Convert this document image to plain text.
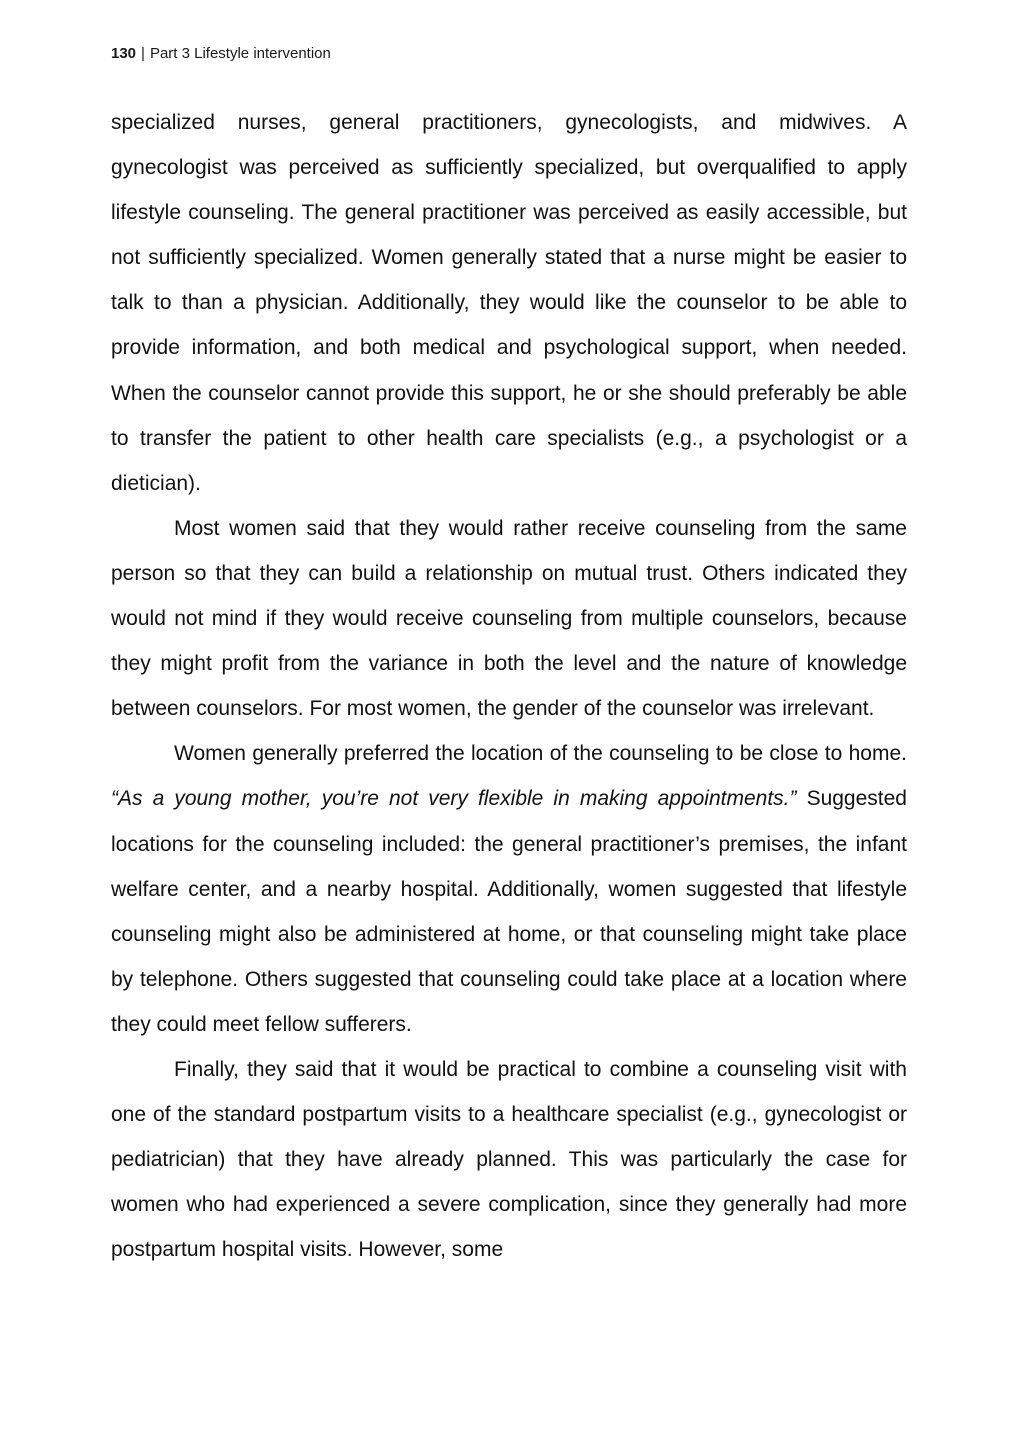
130 | Part 3 Lifestyle intervention

specialized nurses, general practitioners, gynecologists, and midwives. A gynecologist was perceived as sufficiently specialized, but overqualified to apply lifestyle counseling. The general practitioner was perceived as easily accessible, but not sufficiently specialized. Women generally stated that a nurse might be easier to talk to than a physician. Additionally, they would like the counselor to be able to provide information, and both medical and psychological support, when needed. When the counselor cannot provide this support, he or she should preferably be able to transfer the patient to other health care specialists (e.g., a psychologist or a dietician).

Most women said that they would rather receive counseling from the same person so that they can build a relationship on mutual trust. Others indicated they would not mind if they would receive counseling from multiple counselors, because they might profit from the variance in both the level and the nature of knowledge between counselors. For most women, the gender of the counselor was irrelevant.

Women generally preferred the location of the counseling to be close to home. “As a young mother, you’re not very flexible in making appointments.” Suggested locations for the counseling included: the general practitioner’s premises, the infant welfare center, and a nearby hospital. Additionally, women suggested that lifestyle counseling might also be administered at home, or that counseling might take place by telephone. Others suggested that counseling could take place at a location where they could meet fellow sufferers.

Finally, they said that it would be practical to combine a counseling visit with one of the standard postpartum visits to a healthcare specialist (e.g., gynecologist or pediatrician) that they have already planned. This was particularly the case for women who had experienced a severe complication, since they generally had more postpartum hospital visits. However, some
